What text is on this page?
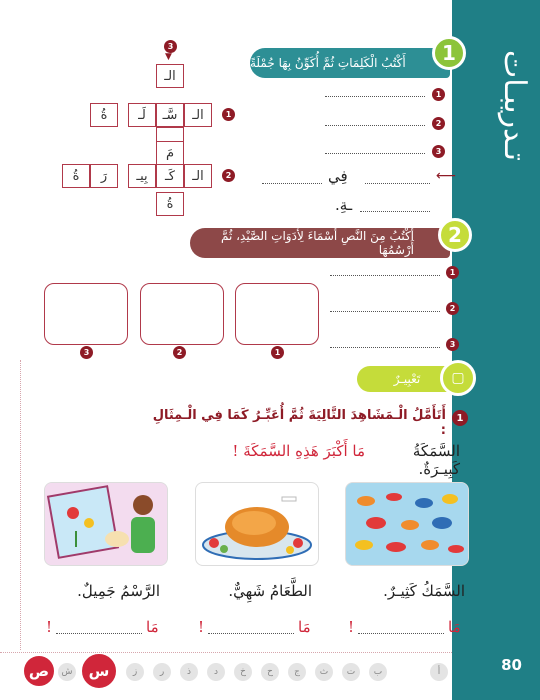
تـدريبـات
80
أَكْتُبُ الْكَلِمَاتِ ثُمَّ أُكَوِّنُ بِهَا جُمْلَةً	1
1
2
3
⟵
فِي
ـةِ.
3
▼
الـ
الـ
سَّـ
لَـ
ةُ	1
مَ
الـ
كَـ
بِيـ
رَ
ةُ	2
ةُ
أَكْتُبُ مِنَ النَّصِ أَسْمَاءَ لِأَدَوَاتِ الصَّيْدِ، ثُمَّ أَرْسُمُهَا
2
1
2
3
3	2	1
تَعْبِيـرٌ	▢
1
أَتَأَمَّلُ الْـمَشَاهِدَ التَّالِيَةَ ثُمَّ أُعَبِّـرُ كَمَا فِي الْـمِثَالِ :
السَّمَكَةُ كَبِيـرَةٌ.
مَا أَكْبَرَ هَذِهِ السَّمَكَةَ !
السَّمَكُ كَثِيـرٌ.
الطَّعَامُ شَهِيٌّ.
الرَّسْمُ جَمِيلٌ.
مَا
!
مَا
!
مَا
!
ص	ش	س	ز	ر	ذ	د	خ	ح	ج	ث	ت	ب	أ
